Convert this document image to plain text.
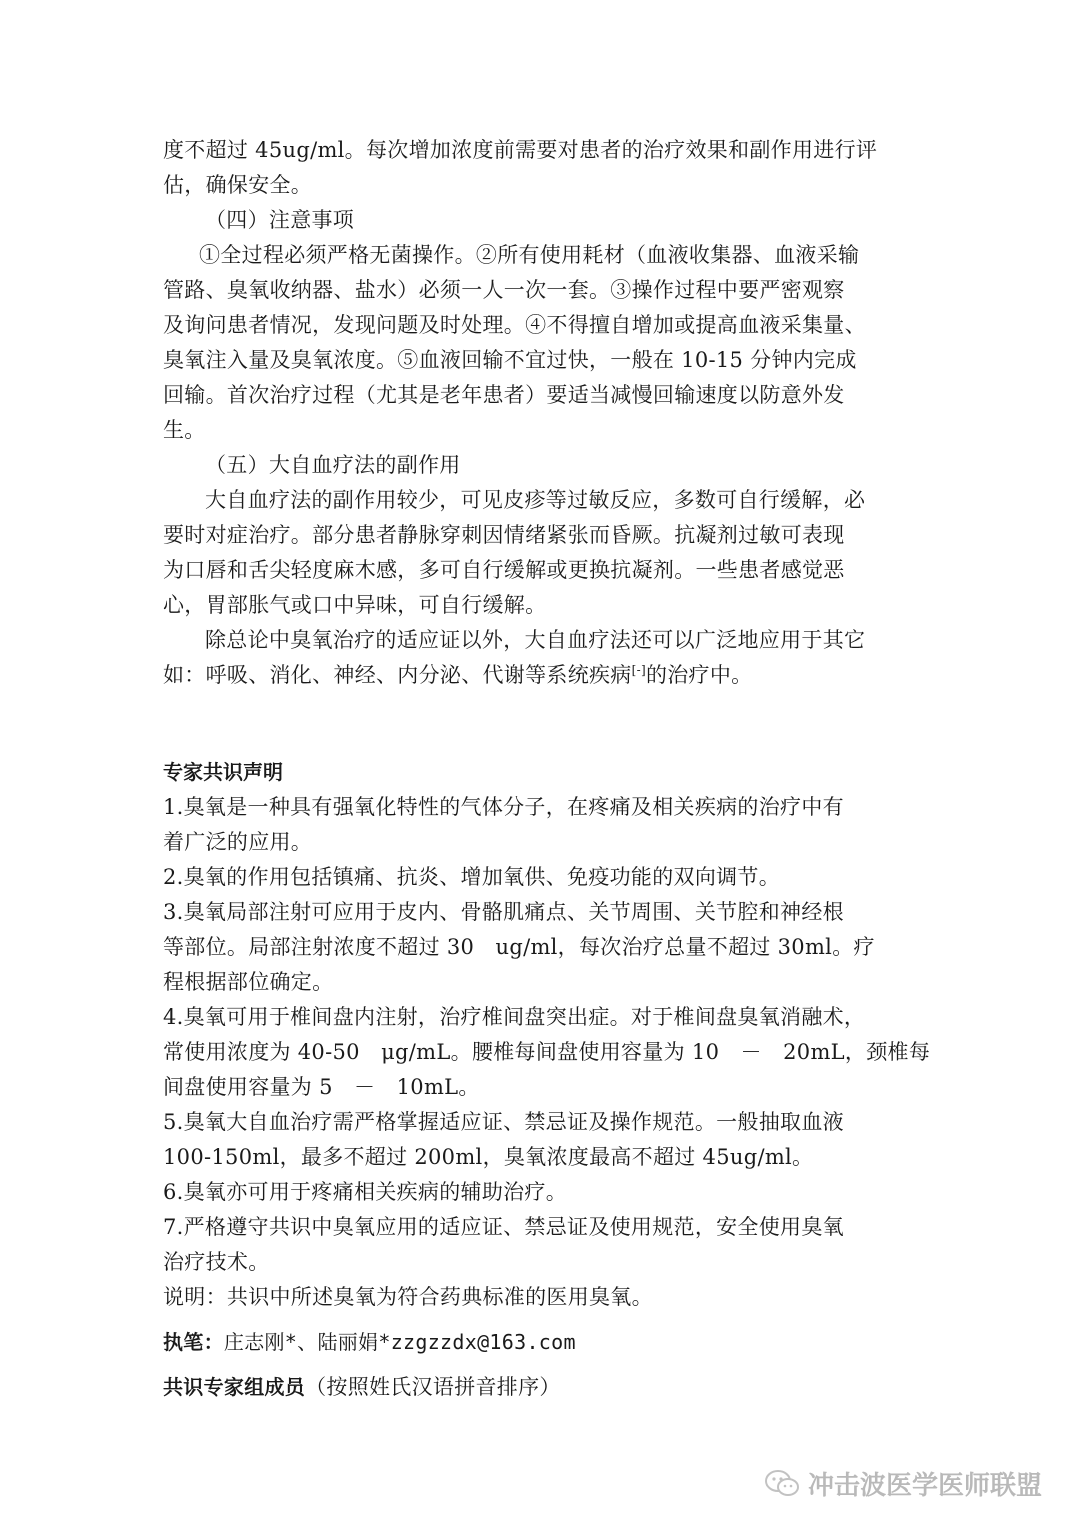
度不超过 45ug/ml。每次增加浓度前需要对患者的治疗效果和副作用进行评
估，确保安全。
（四）注意事项
①全过程必须严格无菌操作。②所有使用耗材（血液收集器、血液采输
管路、臭氧收纳器、盐水）必须一人一次一套。③操作过程中要严密观察
及询问患者情况，发现问题及时处理。④不得擅自增加或提高血液采集量、
臭氧注入量及臭氧浓度。⑤血液回输不宜过快，一般在 10-15 分钟内完成
回输。首次治疗过程（尤其是老年患者）要适当减慢回输速度以防意外发
生。
（五）大自血疗法的副作用
大自血疗法的副作用较少，可见皮疹等过敏反应，多数可自行缓解，必
要时对症治疗。部分患者静脉穿刺因情绪紧张而昏厥。抗凝剂过敏可表现
为口唇和舌尖轻度麻木感，多可自行缓解或更换抗凝剂。一些患者感觉恶
心，胃部胀气或口中异味，可自行缓解。
除总论中臭氧治疗的适应证以外，大自血疗法还可以广泛地应用于其它
如：呼吸、消化、神经、内分泌、代谢等系统疾病[-]的治疗中。
专家共识声明
1.臭氧是一种具有强氧化特性的气体分子，在疼痛及相关疾病的治疗中有
着广泛的应用。
2.臭氧的作用包括镇痛、抗炎、增加氧供、免疫功能的双向调节。
3.臭氧局部注射可应用于皮内、骨骼肌痛点、关节周围、关节腔和神经根
等部位。局部注射浓度不超过 30　ug/ml，每次治疗总量不超过 30ml。疗
程根据部位确定。
4.臭氧可用于椎间盘内注射，治疗椎间盘突出症。对于椎间盘臭氧消融术，
常使用浓度为 40-50　μg/mL。腰椎每间盘使用容量为 10　－　20mL，颈椎每
间盘使用容量为 5　－　10mL。
5.臭氧大自血治疗需严格掌握适应证、禁忌证及操作规范。一般抽取血液
100-150ml，最多不超过 200ml，臭氧浓度最高不超过 45ug/ml。
6.臭氧亦可用于疼痛相关疾病的辅助治疗。
7.严格遵守共识中臭氧应用的适应证、禁忌证及使用规范，安全使用臭氧
治疗技术。
说明：共识中所述臭氧为符合药典标准的医用臭氧。
执笔：庄志刚*、陆丽娟*zzgzzdx@163.com
共识专家组成员（按照姓氏汉语拼音排序）
冲击波医学医师联盟
